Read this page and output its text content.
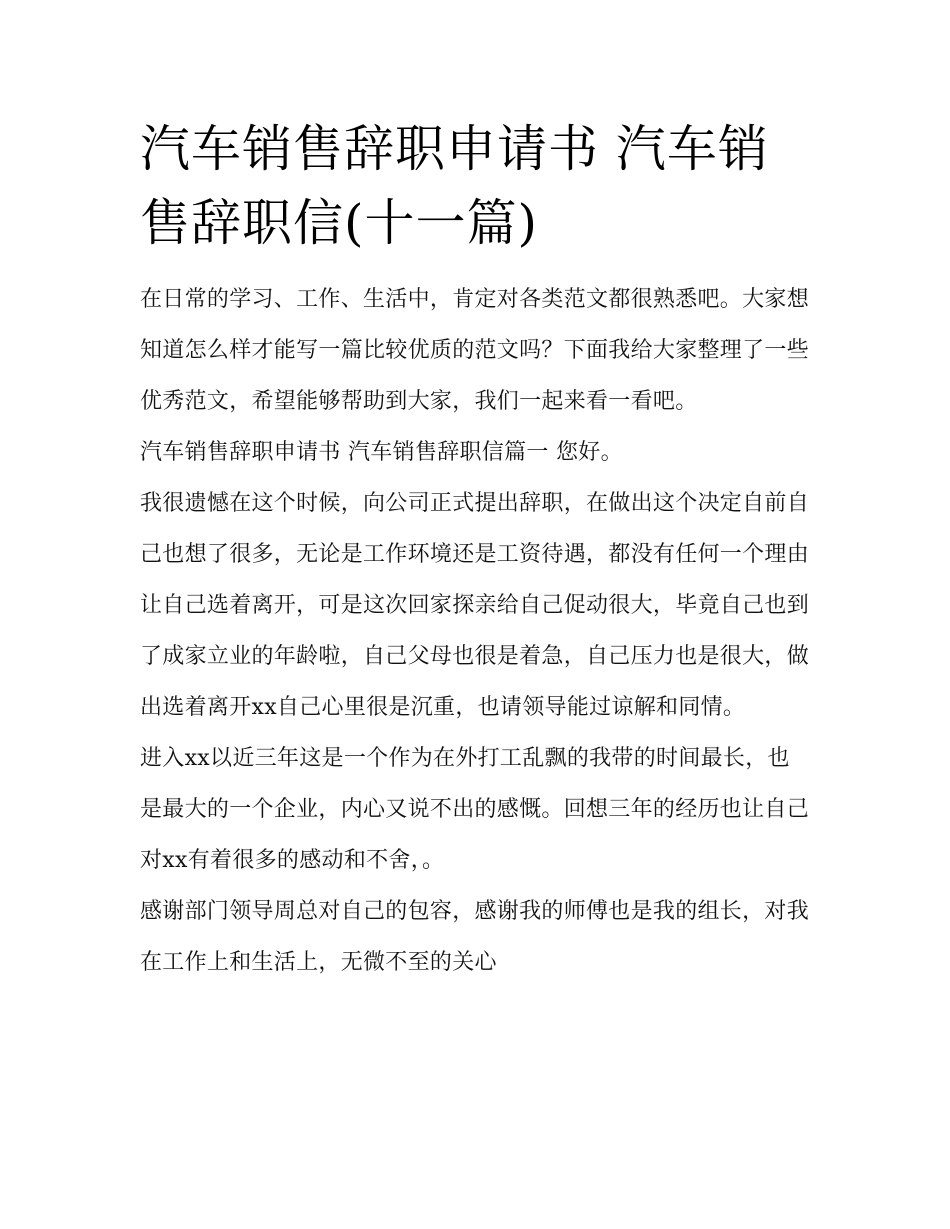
汽车销售辞职申请书 汽车销售辞职信(十一篇)

在日常的学习、工作、生活中，肯定对各类范文都很熟悉吧。大家想知道怎么样才能写一篇比较优质的范文吗？下面我给大家整理了一些优秀范文，希望能够帮助到大家，我们一起来看一看吧。

汽车销售辞职申请书 汽车销售辞职信篇一 您好。

我很遗憾在这个时候，向公司正式提出辞职，在做出这个决定自前自己也想了很多，无论是工作环境还是工资待遇，都没有任何一个理由让自己选着离开，可是这次回家探亲给自己促动很大，毕竟自己也到了成家立业的年龄啦，自己父母也很是着急，自己压力也是很大，做出选着离开xx自己心里很是沉重，也请领导能过谅解和同情。

进入xx以近三年这是一个作为在外打工乱飘的我带的时间最长，也是最大的一个企业，内心又说不出的感慨。回想三年的经历也让自己对xx有着很多的感动和不舍，。

感谢部门领导周总对自己的包容，感谢我的师傅也是我的组长，对我在工作上和生活上，无微不至的关心
